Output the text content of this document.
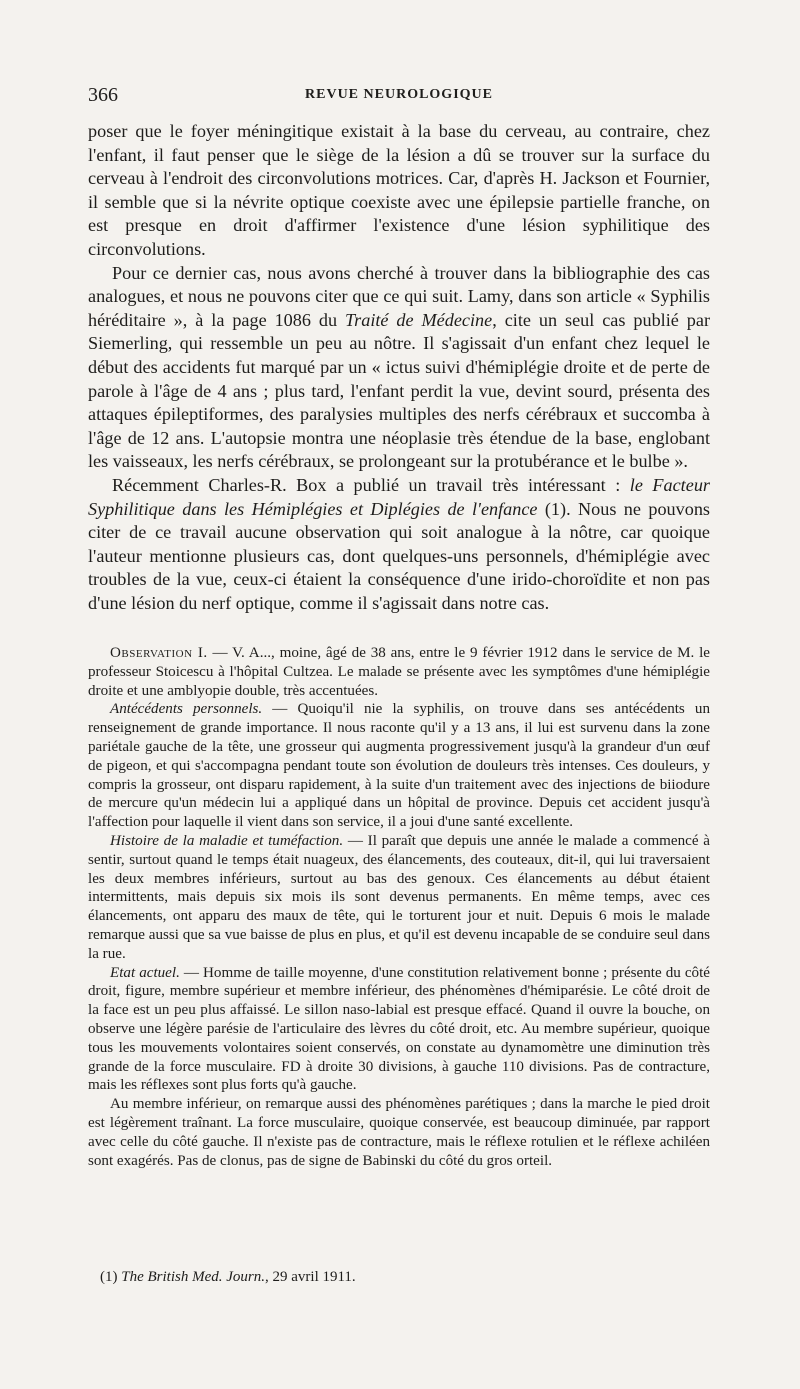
366	REVUE NEUROLOGIQUE

poser que le foyer méningitique existait à la base du cerveau, au contraire, chez l'enfant, il faut penser que le siège de la lésion a dû se trouver sur la surface du cerveau à l'endroit des circonvolutions motrices. Car, d'après H. Jackson et Fournier, il semble que si la névrite optique coexiste avec une épilepsie partielle franche, on est presque en droit d'affirmer l'existence d'une lésion syphilitique des circonvolutions.

Pour ce dernier cas, nous avons cherché à trouver dans la bibliographie des cas analogues, et nous ne pouvons citer que ce qui suit. Lamy, dans son article « Syphilis héréditaire », à la page 1086 du Traité de Médecine, cite un seul cas publié par Siemerling, qui ressemble un peu au nôtre. Il s'agissait d'un enfant chez lequel le début des accidents fut marqué par un « ictus suivi d'hémiplégie droite et de perte de parole à l'âge de 4 ans ; plus tard, l'enfant perdit la vue, devint sourd, présenta des attaques épileptiformes, des paralysies multiples des nerfs cérébraux et succomba à l'âge de 12 ans. L'autopsie montra une néoplasie très étendue de la base, englobant les vaisseaux, les nerfs cérébraux, se prolongeant sur la protubérance et le bulbe ».

Récemment Charles-R. Box a publié un travail très intéressant : le Facteur Syphilitique dans les Hémiplégies et Diplégies de l'enfance (1). Nous ne pouvons citer de ce travail aucune observation qui soit analogue à la nôtre, car quoique l'auteur mentionne plusieurs cas, dont quelques-uns personnels, d'hémiplégie avec troubles de la vue, ceux-ci étaient la conséquence d'une irido-choroïdite et non pas d'une lésion du nerf optique, comme il s'agissait dans notre cas.

Observation I. — V. A..., moine, âgé de 38 ans, entre le 9 février 1912 dans le service de M. le professeur Stoicescu à l'hôpital Cultzea. Le malade se présente avec les symptômes d'une hémiplégie droite et une amblyopie double, très accentuées.

Antécédents personnels. — Quoiqu'il nie la syphilis, on trouve dans ses antécédents un renseignement de grande importance. Il nous raconte qu'il y a 13 ans, il lui est survenu dans la zone pariétale gauche de la tête, une grosseur qui augmenta progressivement jusqu'à la grandeur d'un œuf de pigeon, et qui s'accompagna pendant toute son évolution de douleurs très intenses. Ces douleurs, y compris la grosseur, ont disparu rapidement, à la suite d'un traitement avec des injections de biiodure de mercure qu'un médecin lui a appliqué dans un hôpital de province. Depuis cet accident jusqu'à l'affection pour laquelle il vient dans son service, il a joui d'une santé excellente.

Histoire de la maladie et tuméfaction. — Il paraît que depuis une année le malade a commencé à sentir, surtout quand le temps était nuageux, des élancements, des couteaux, dit-il, qui lui traversaient les deux membres inférieurs, surtout au bas des genoux. Ces élancements au début étaient intermittents, mais depuis six mois ils sont devenus permanents. En même temps, avec ces élancements, ont apparu des maux de tête, qui le torturent jour et nuit. Depuis 6 mois le malade remarque aussi que sa vue baisse de plus en plus, et qu'il est devenu incapable de se conduire seul dans la rue.

Etat actuel. — Homme de taille moyenne, d'une constitution relativement bonne ; présente du côté droit, figure, membre supérieur et membre inférieur, des phénomènes d'hémiparésie. Le côté droit de la face est un peu plus affaissé. Le sillon naso-labial est presque effacé. Quand il ouvre la bouche, on observe une légère parésie de l'articulaire des lèvres du côté droit, etc. Au membre supérieur, quoique tous les mouvements volontaires soient conservés, on constate au dynamomètre une diminution très grande de la force musculaire. FD à droite 30 divisions, à gauche 110 divisions. Pas de contracture, mais les réflexes sont plus forts qu'à gauche.

Au membre inférieur, on remarque aussi des phénomènes parétiques ; dans la marche le pied droit est légèrement traînant. La force musculaire, quoique conservée, est beaucoup diminuée, par rapport avec celle du côté gauche. Il n'existe pas de contracture, mais le réflexe rotulien et le réflexe achiléen sont exagérés. Pas de clonus, pas de signe de Babinski du côté du gros orteil.

(1) The British Med. Journ., 29 avril 1911.
